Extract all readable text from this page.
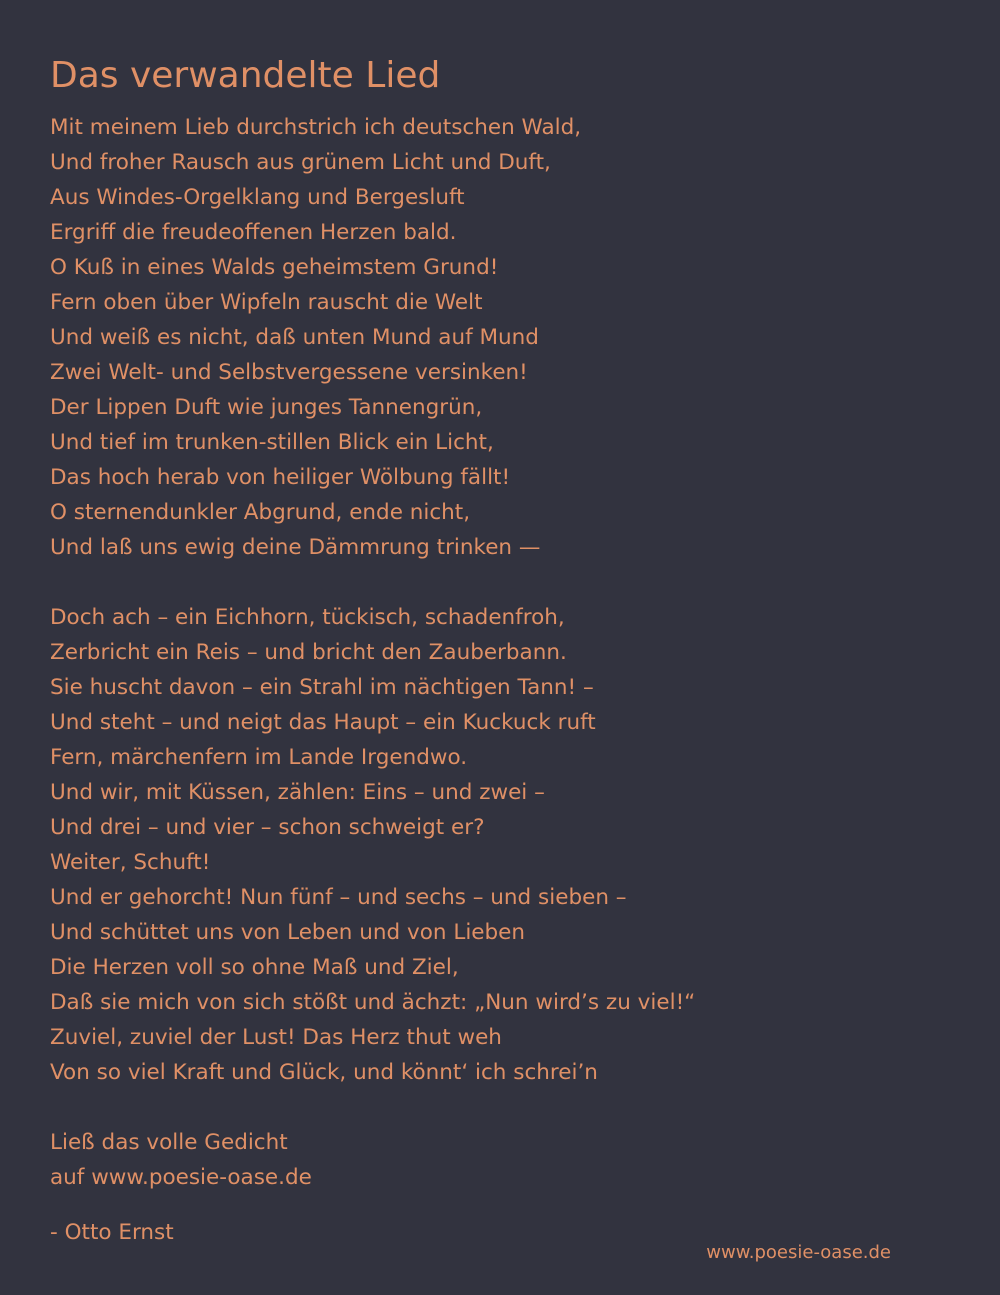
Das verwandelte Lied
Mit meinem Lieb durchstrich ich deutschen Wald,
Und froher Rausch aus grünem Licht und Duft,
Aus Windes-Orgelklang und Bergesluft
Ergriff die freudeoffenen Herzen bald.
O Kuß in eines Walds geheimstem Grund!
Fern oben über Wipfeln rauscht die Welt
Und weiß es nicht, daß unten Mund auf Mund
Zwei Welt- und Selbstvergessene versinken!
Der Lippen Duft wie junges Tannengrün,
Und tief im trunken-stillen Blick ein Licht,
Das hoch herab von heiliger Wölbung fällt!
O sternendunkler Abgrund, ende nicht,
Und laß uns ewig deine Dämmrung trinken —
Doch ach – ein Eichhorn, tückisch, schadenfroh,
Zerbricht ein Reis – und bricht den Zauberbann.
Sie huscht davon – ein Strahl im nächtigen Tann! –
Und steht – und neigt das Haupt – ein Kuckuck ruft
Fern, märchenfern im Lande Irgendwo.
Und wir, mit Küssen, zählen: Eins – und zwei –
Und drei – und vier – schon schweigt er?
Weiter, Schuft!
Und er gehorcht! Nun fünf – und sechs – und sieben –
Und schüttet uns von Leben und von Lieben
Die Herzen voll so ohne Maß und Ziel,
Daß sie mich von sich stößt und ächzt: „Nun wird’s zu viel!“
Zuviel, zuviel der Lust! Das Herz thut weh
Von so viel Kraft und Glück, und könnt‘ ich schrei’n
Ließ das volle Gedicht
auf www.poesie-oase.de
- Otto Ernst
www.poesie-oase.de
